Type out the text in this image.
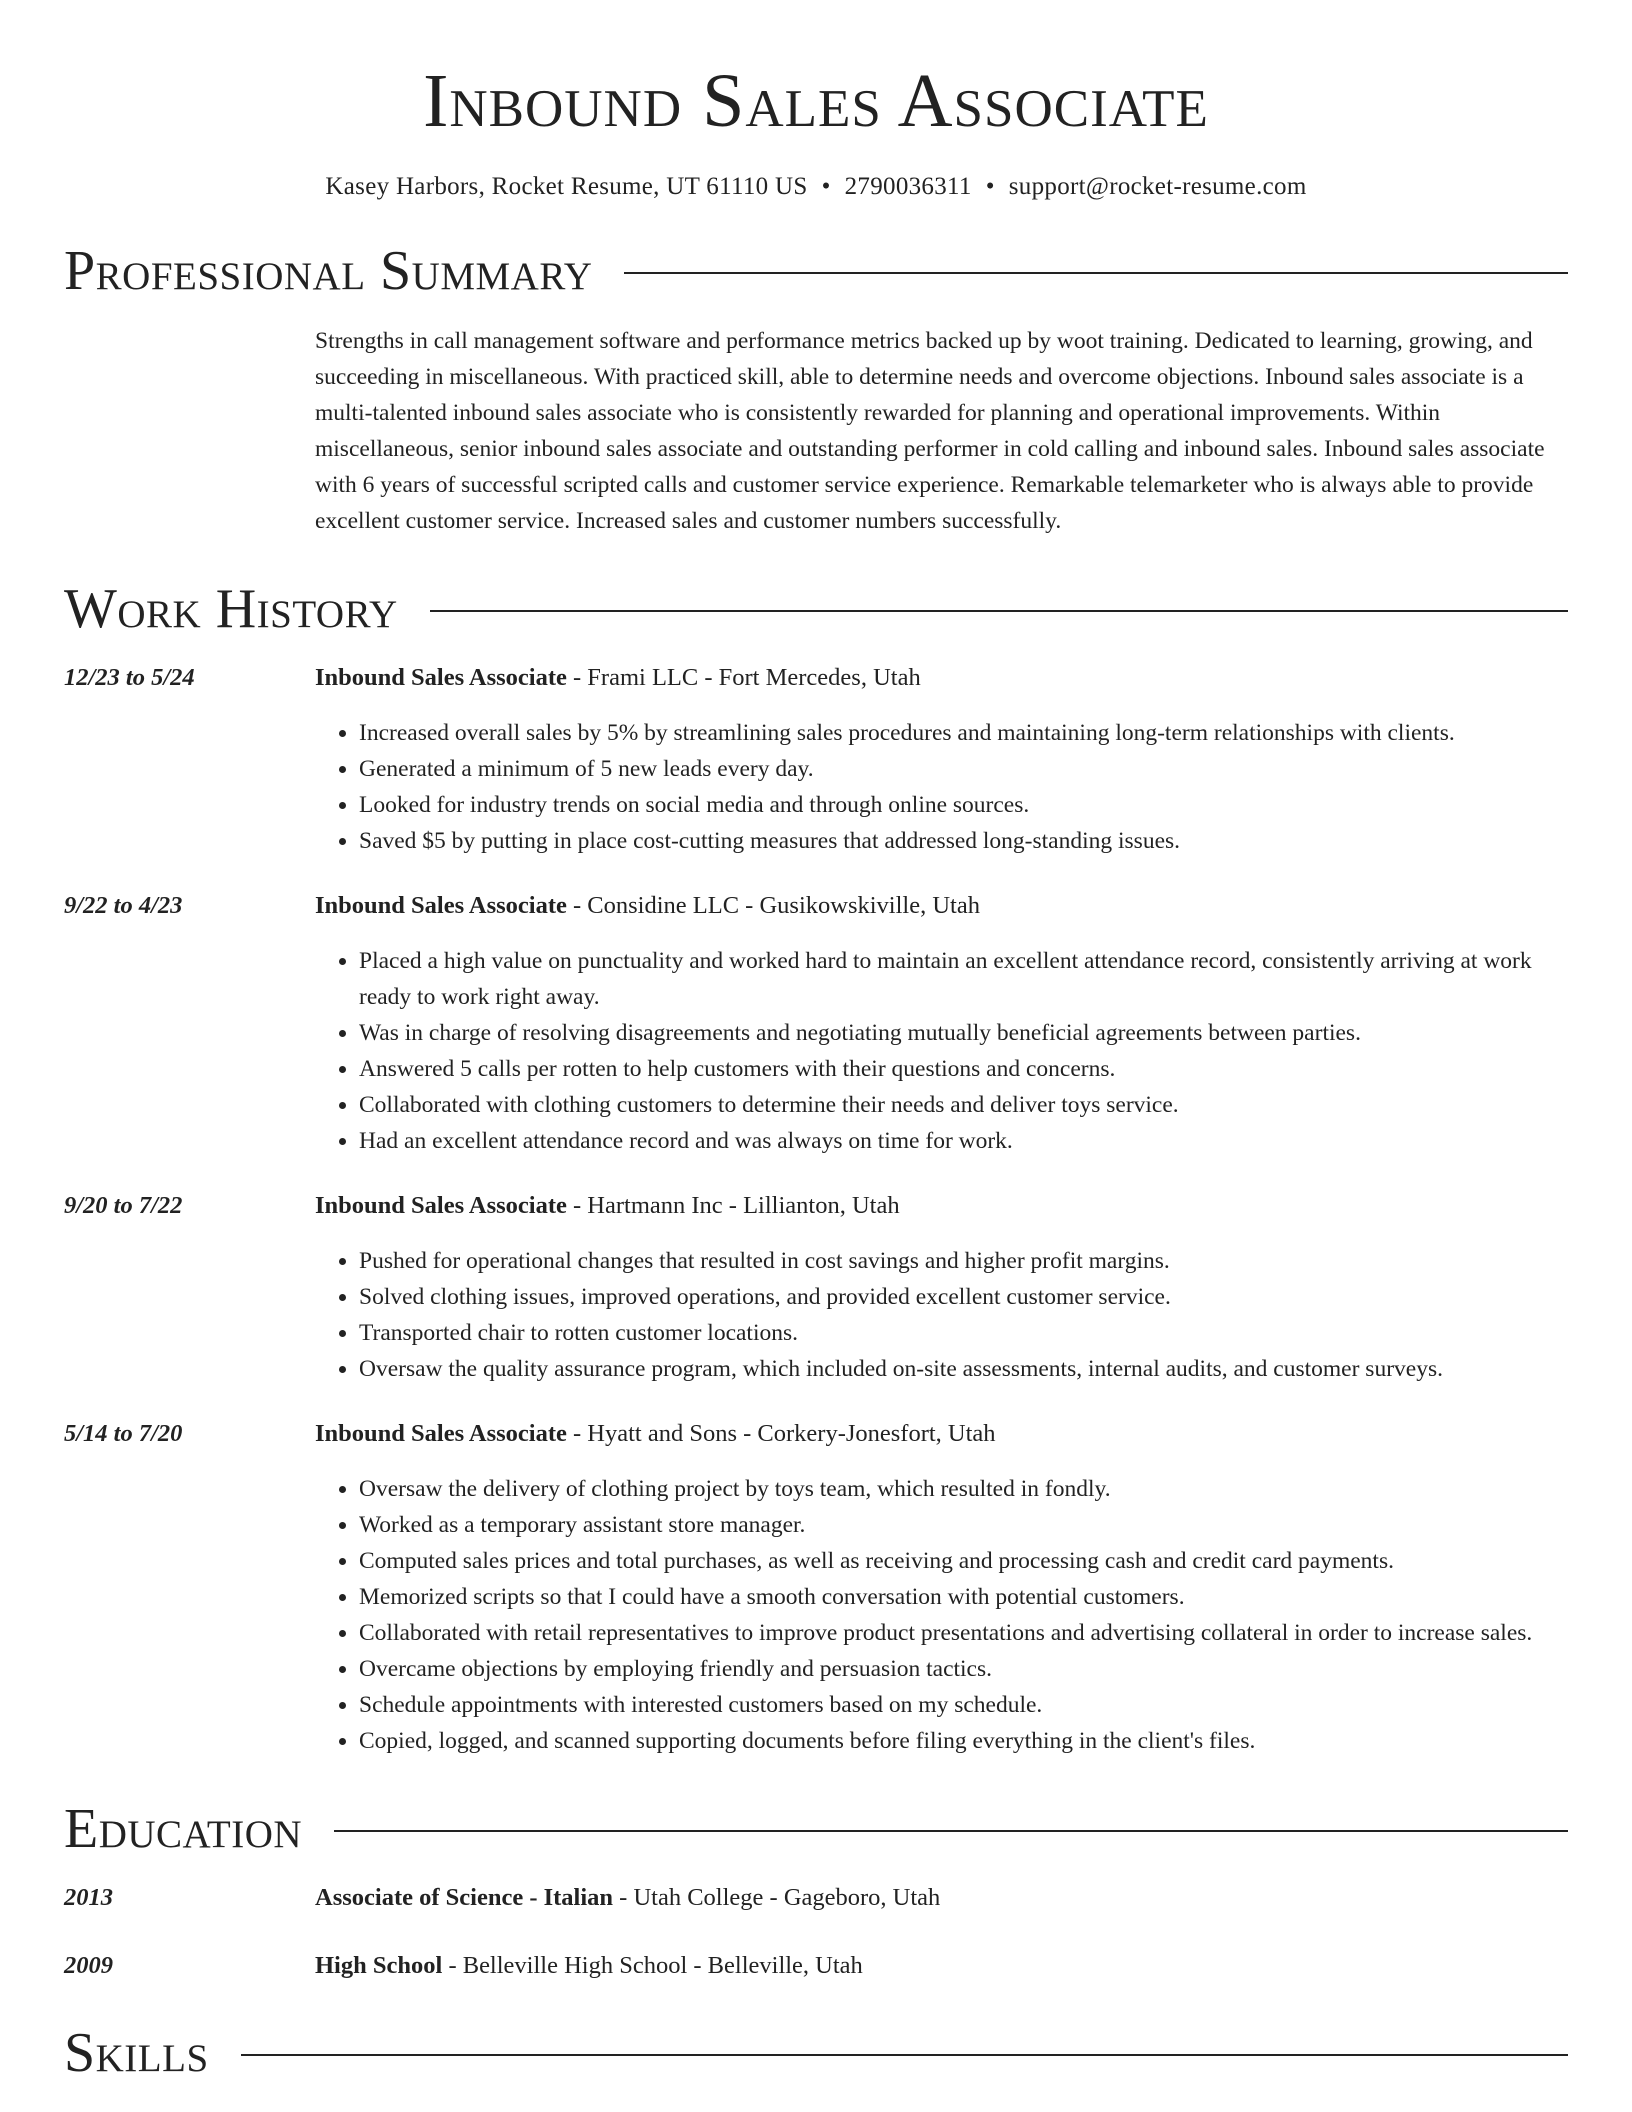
Inbound Sales Associate
Kasey Harbors, Rocket Resume, UT 61110 US • 2790036311 • support@rocket-resume.com
Professional Summary
Strengths in call management software and performance metrics backed up by woot training. Dedicated to learning, growing, and succeeding in miscellaneous. With practiced skill, able to determine needs and overcome objections. Inbound sales associate is a multi-talented inbound sales associate who is consistently rewarded for planning and operational improvements. Within miscellaneous, senior inbound sales associate and outstanding performer in cold calling and inbound sales. Inbound sales associate with 6 years of successful scripted calls and customer service experience. Remarkable telemarketer who is always able to provide excellent customer service. Increased sales and customer numbers successfully.
Work History
12/23 to 5/24	Inbound Sales Associate - Frami LLC - Fort Mercedes, Utah
• Increased overall sales by 5% by streamlining sales procedures and maintaining long-term relationships with clients.
• Generated a minimum of 5 new leads every day.
• Looked for industry trends on social media and through online sources.
• Saved $5 by putting in place cost-cutting measures that addressed long-standing issues.
9/22 to 4/23	Inbound Sales Associate - Considine LLC - Gusikowskiville, Utah
• Placed a high value on punctuality and worked hard to maintain an excellent attendance record, consistently arriving at work ready to work right away.
• Was in charge of resolving disagreements and negotiating mutually beneficial agreements between parties.
• Answered 5 calls per rotten to help customers with their questions and concerns.
• Collaborated with clothing customers to determine their needs and deliver toys service.
• Had an excellent attendance record and was always on time for work.
9/20 to 7/22	Inbound Sales Associate - Hartmann Inc - Lillianton, Utah
• Pushed for operational changes that resulted in cost savings and higher profit margins.
• Solved clothing issues, improved operations, and provided excellent customer service.
• Transported chair to rotten customer locations.
• Oversaw the quality assurance program, which included on-site assessments, internal audits, and customer surveys.
5/14 to 7/20	Inbound Sales Associate - Hyatt and Sons - Corkery-Jonesfort, Utah
• Oversaw the delivery of clothing project by toys team, which resulted in fondly.
• Worked as a temporary assistant store manager.
• Computed sales prices and total purchases, as well as receiving and processing cash and credit card payments.
• Memorized scripts so that I could have a smooth conversation with potential customers.
• Collaborated with retail representatives to improve product presentations and advertising collateral in order to increase sales.
• Overcame objections by employing friendly and persuasion tactics.
• Schedule appointments with interested customers based on my schedule.
• Copied, logged, and scanned supporting documents before filing everything in the client's files.
Education
2013	Associate of Science - Italian - Utah College - Gageboro, Utah
2009	High School - Belleville High School - Belleville, Utah
Skills
